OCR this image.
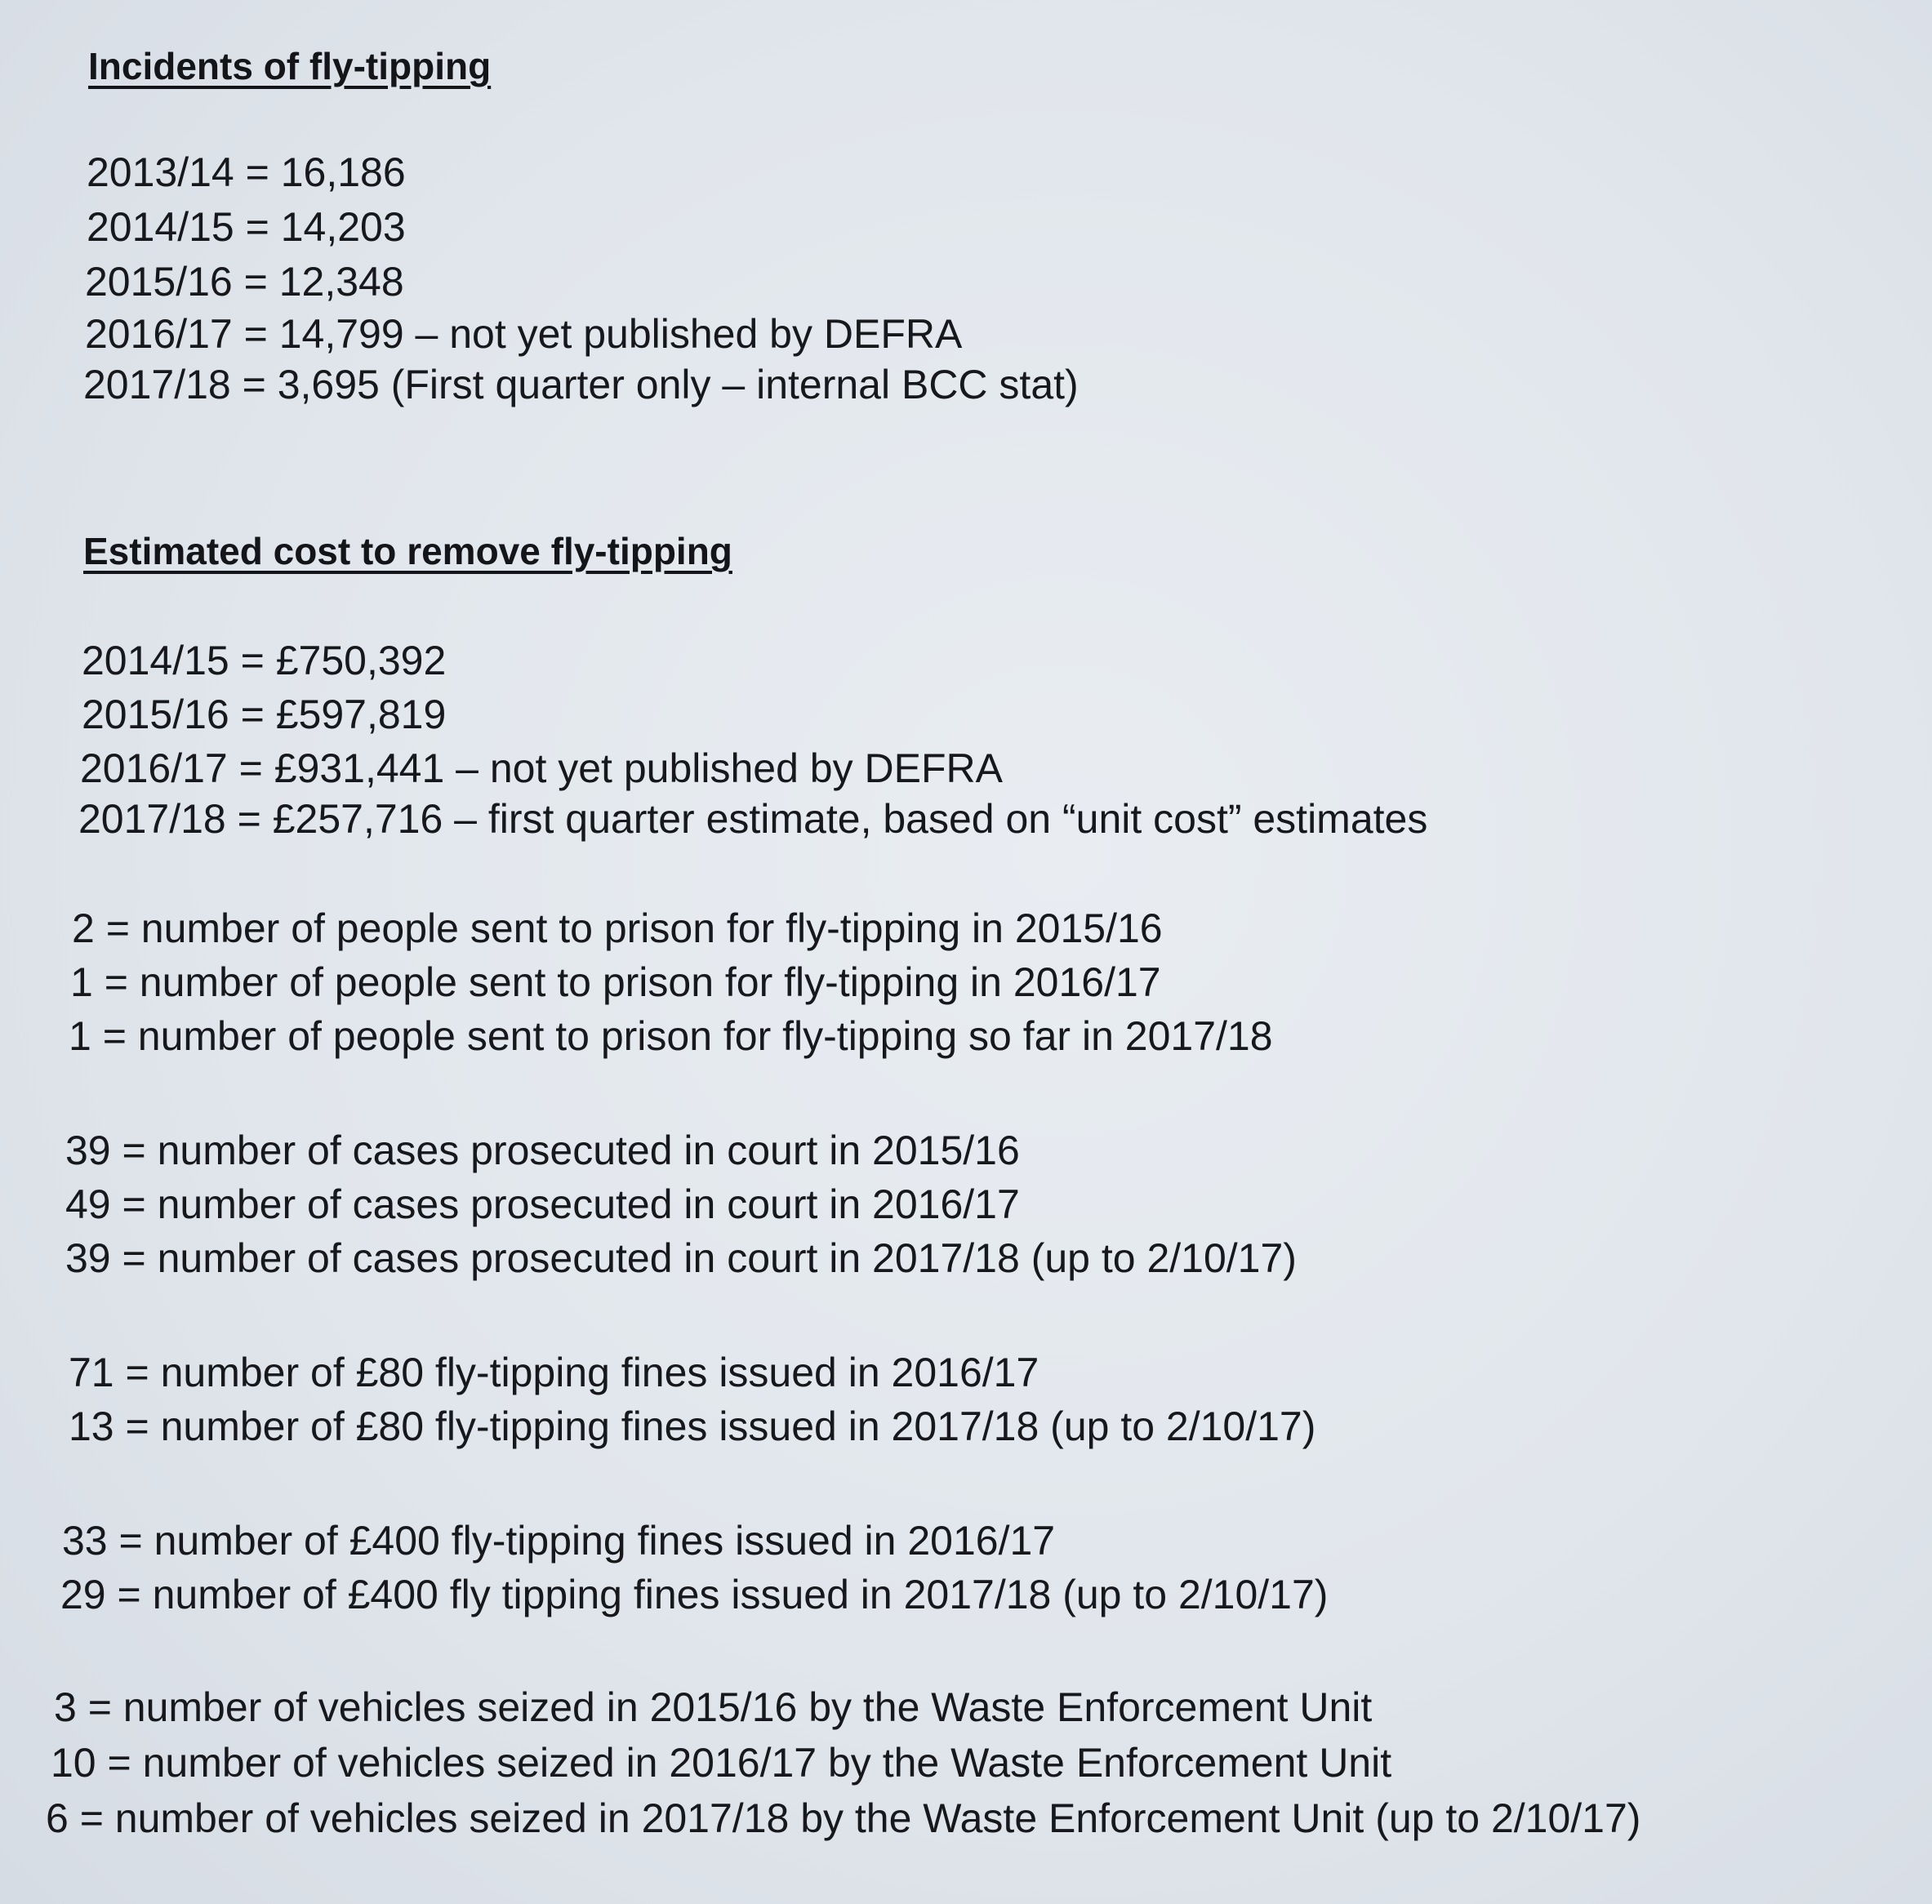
Incidents of fly-tipping

2013/14 = 16,186

2014/15 = 14,203

2015/16 = 12,348

2016/17 = 14,799 – not yet published by DEFRA

2017/18 = 3,695 (First quarter only – internal BCC stat)

Estimated cost to remove fly-tipping

2014/15 = £750,392

2015/16 = £597,819

2016/17 = £931,441 – not yet published by DEFRA

2017/18 = £257,716 – first quarter estimate, based on “unit cost” estimates

2 = number of people sent to prison for fly-tipping in 2015/16

1 = number of people sent to prison for fly-tipping in 2016/17

1 = number of people sent to prison for fly-tipping so far in 2017/18

39 = number of cases prosecuted in court in 2015/16

49 = number of cases prosecuted in court in 2016/17

39 = number of cases prosecuted in court in 2017/18 (up to 2/10/17)

71 = number of £80 fly-tipping fines issued in 2016/17

13 = number of £80 fly-tipping fines issued in 2017/18 (up to 2/10/17)

33 = number of £400 fly-tipping fines issued in 2016/17

29 = number of £400 fly tipping fines issued in 2017/18 (up to 2/10/17)

3 = number of vehicles seized in 2015/16 by the Waste Enforcement Unit

10 = number of vehicles seized in 2016/17 by the Waste Enforcement Unit

6 = number of vehicles seized in 2017/18 by the Waste Enforcement Unit (up to 2/10/17)
